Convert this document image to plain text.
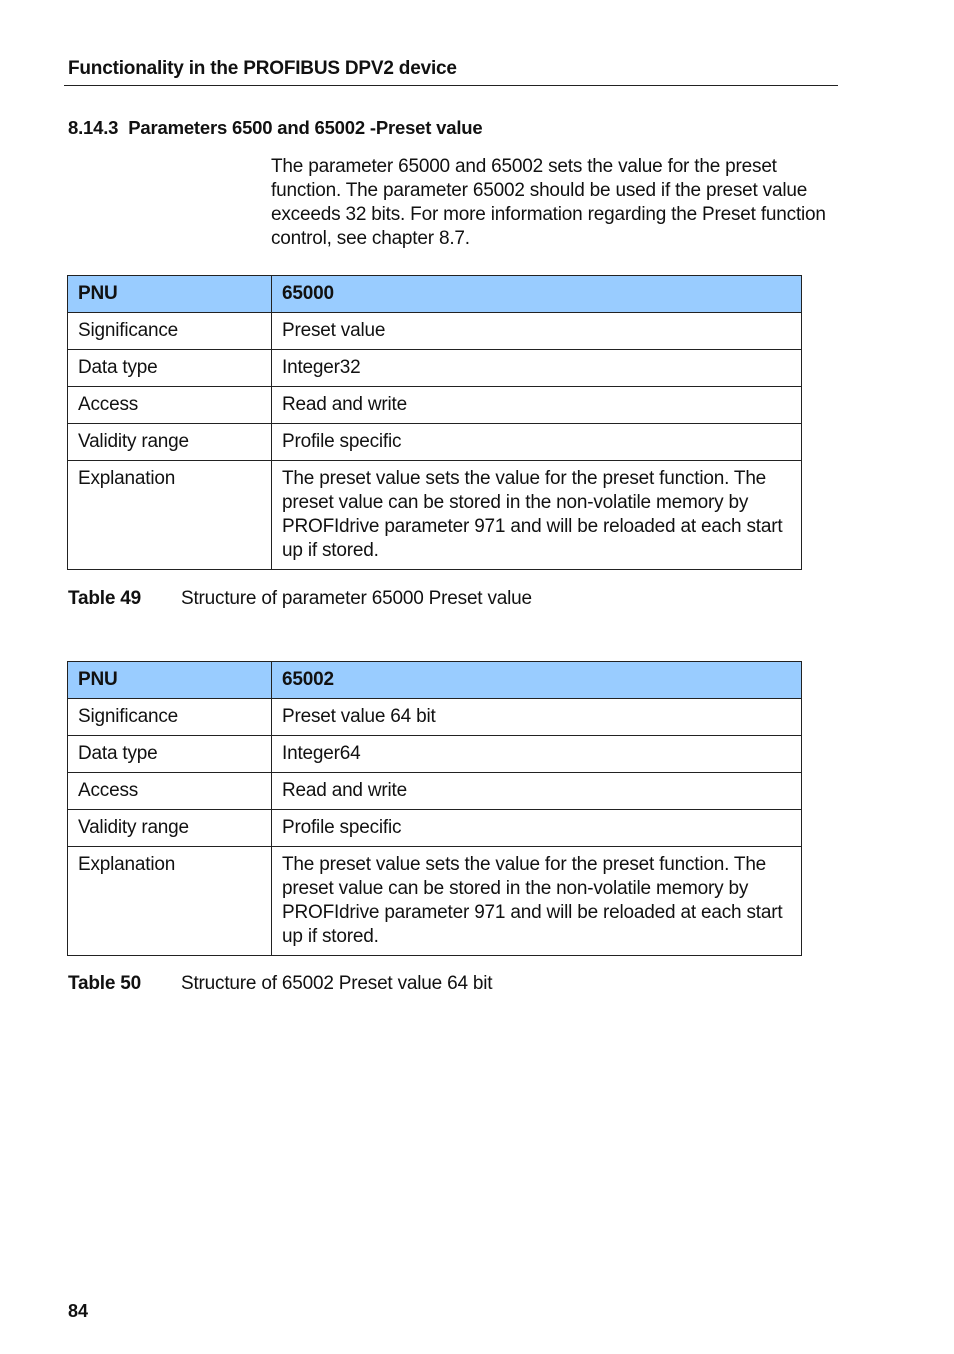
Functionality in the PROFIBUS DPV2 device
8.14.3 Parameters 6500 and 65002 -Preset value
The parameter 65000 and 65002 sets the value for the preset function. The parameter 65002 should be used if the preset value exceeds 32 bits. For more information regarding the Preset function control, see chapter 8.7.
PNU	65000
Significance	Preset value
Data type	Integer32
Access	Read and write
Validity range	Profile specific
Explanation	The preset value sets the value for the preset function. The preset value can be stored in the non-volatile memory by PROFIdrive parameter 971 and will be reloaded at each start up if stored.
Table 49 Structure of parameter 65000 Preset value
PNU	65002
Significance	Preset value 64 bit
Data type	Integer64
Access	Read and write
Validity range	Profile specific
Explanation	The preset value sets the value for the preset function. The preset value can be stored in the non-volatile memory by PROFIdrive parameter 971 and will be reloaded at each start up if stored.
Table 50 Structure of 65002 Preset value 64 bit
84
